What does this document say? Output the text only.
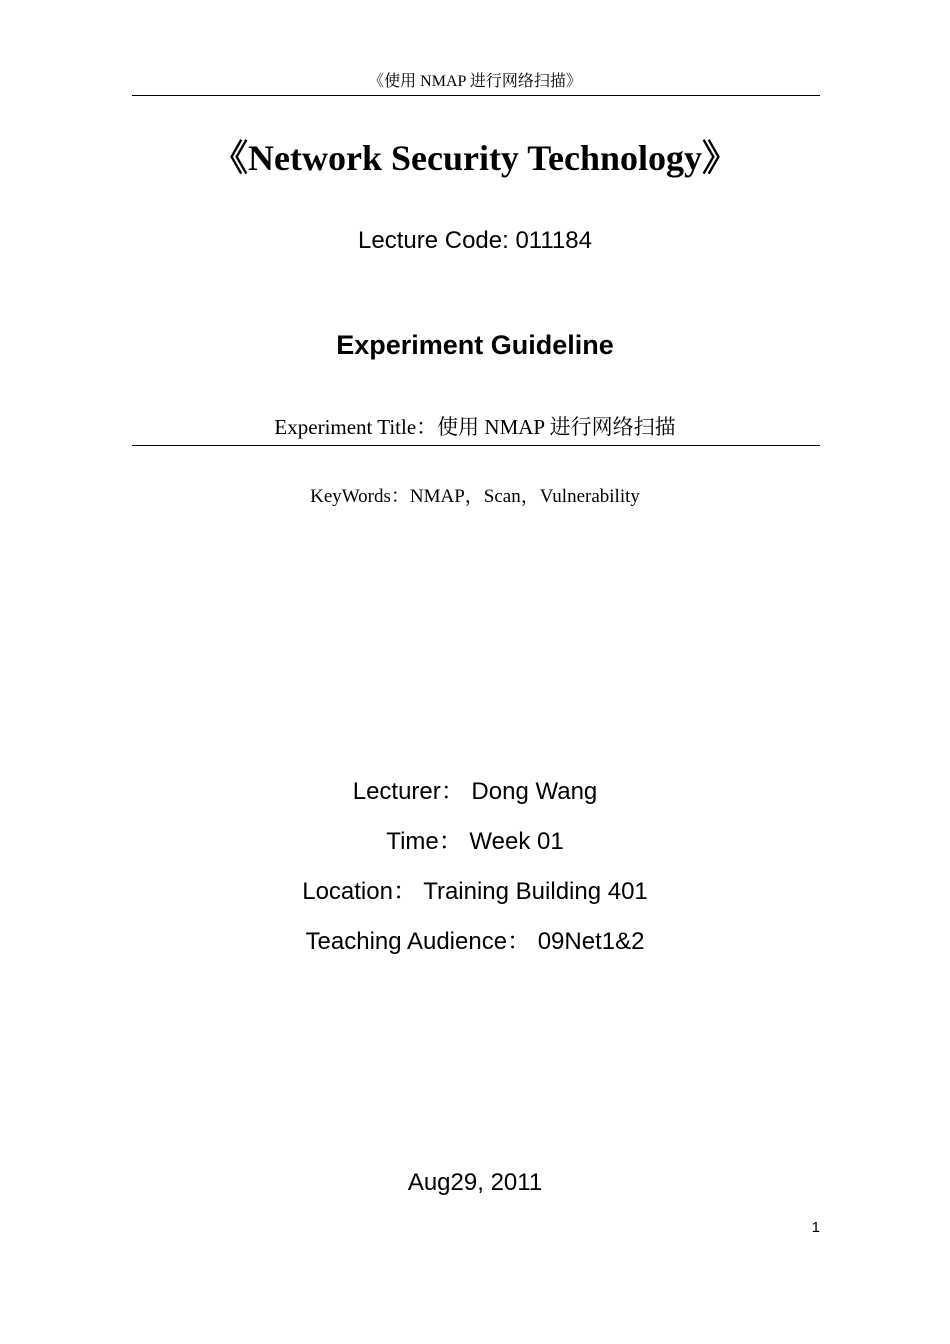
《使用 NMAP 进行网络扫描》
《Network Security Technology》
Lecture Code: 011184
Experiment Guideline
Experiment Title：使用 NMAP 进行网络扫描
KeyWords：NMAP，Scan，Vulnerability
Lecturer： Dong Wang
Time： Week 01
Location： Training Building 401
Teaching Audience： 09Net1&2
Aug29, 2011
1
